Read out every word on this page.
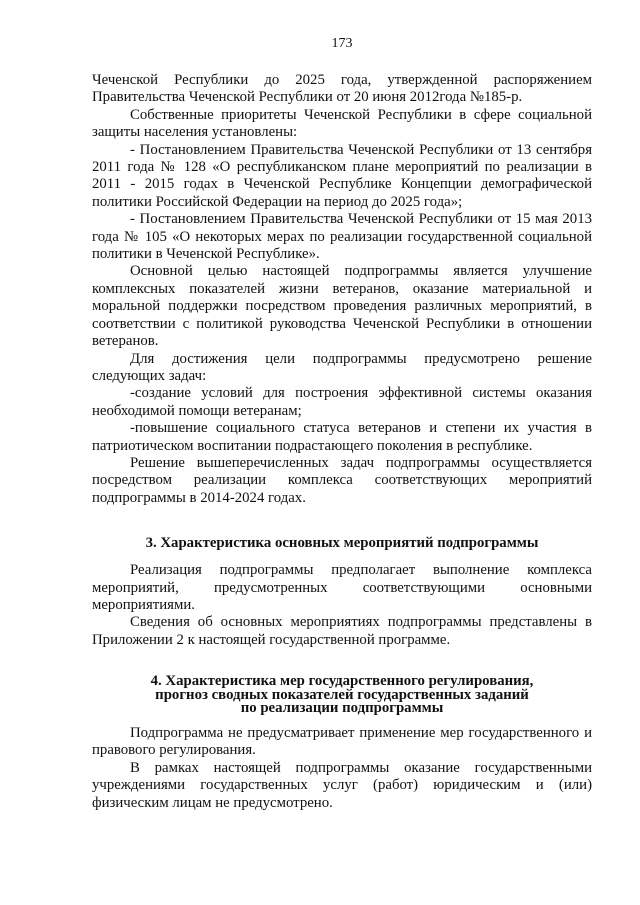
173

Чеченской Республики до 2025 года, утвержденной распоряжением Правительства Чеченской Республики от 20 июня 2012года №185-р.

Собственные приоритеты Чеченской Республики в сфере социальной защиты населения установлены:

- Постановлением Правительства Чеченской Республики от 13 сентября 2011 года № 128 «О республиканском плане мероприятий по реализации в 2011 - 2015 годах в Чеченской Республике Концепции демографической политики Российской Федерации на период до 2025 года»;

- Постановлением Правительства Чеченской Республики от 15 мая 2013 года № 105 «О некоторых мерах по реализации государственной социальной политики в Чеченской Республике».

Основной целью настоящей подпрограммы является улучшение комплексных показателей жизни ветеранов, оказание материальной и моральной поддержки посредством проведения различных мероприятий, в соответствии с политикой руководства Чеченской Республики в отношении ветеранов.

Для достижения цели подпрограммы предусмотрено решение следующих задач:

-создание условий для построения эффективной системы оказания необходимой помощи ветеранам;

-повышение социального статуса ветеранов и степени их участия в патриотическом воспитании подрастающего поколения в республике.

Решение вышеперечисленных задач подпрограммы осуществляется посредством реализации комплекса соответствующих мероприятий подпрограммы в 2014-2024 годах.

3. Характеристика основных мероприятий подпрограммы

Реализация подпрограммы предполагает выполнение комплекса мероприятий, предусмотренных соответствующими основными мероприятиями.

Сведения об основных мероприятиях подпрограммы представлены в Приложении 2 к настоящей государственной программе.

4. Характеристика мер государственного регулирования,
прогноз сводных показателей государственных заданий
по реализации подпрограммы

Подпрограмма не предусматривает применение мер государственного и правового регулирования.

В рамках настоящей подпрограммы оказание государственными учреждениями государственных услуг (работ) юридическим и (или) физическим лицам не предусмотрено.
